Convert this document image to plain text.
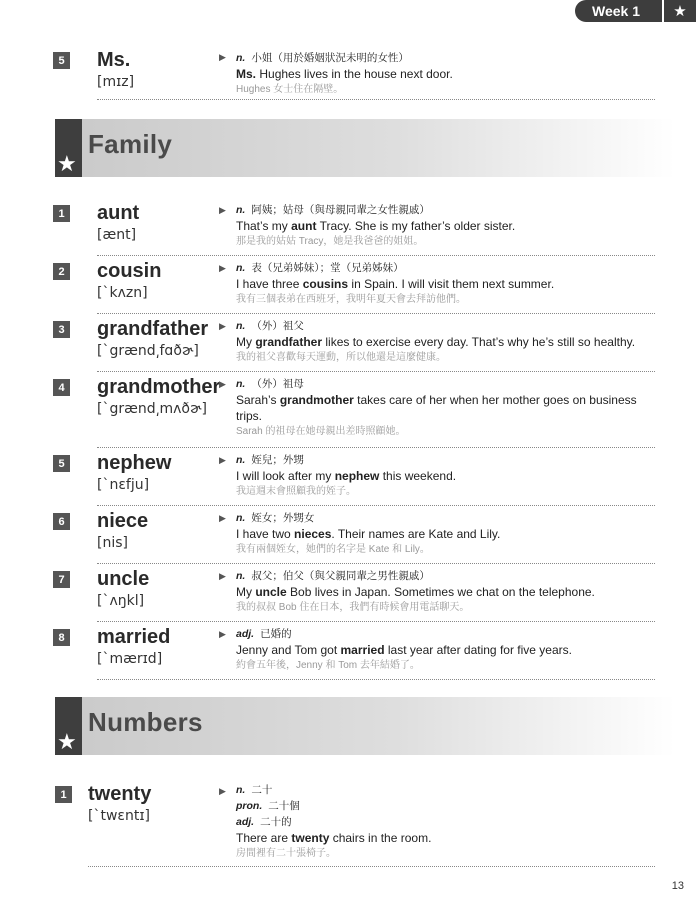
Week 1	★
5 Ms.
[mɪz]
▶ n. 小姐（用於婚姻狀況未明的女性）
Ms. Hughes lives in the house next door.
Hughes 女士住在隔壁。
★
Family
1 aunt
[ænt]
▶ n. 阿姨；姑母（與母親同輩之女性親戚）
That’s my aunt Tracy. She is my father’s older sister.
那是我的姑姑 Tracy，她是我爸爸的姐姐。
2 cousin
[ˋkʌzn]
▶ n. 表（兄弟姊妹）；堂（兄弟姊妹）
I have three cousins in Spain. I will visit them next summer.
我有三個表弟在西班牙，我明年夏天會去拜訪他們。
3 grandfather
[ˋgrænd͵fɑðɚ]
▶ n. （外）祖父
My grandfather likes to exercise every day. That’s why he’s still so healthy.
我的祖父喜歡每天運動，所以他還是這麼健康。
4 grandmother
[ˋgrænd͵mʌðɚ]
▶ n. （外）祖母
Sarah’s grandmother takes care of her when her mother goes on business trips.
Sarah 的祖母在她母親出差時照顧她。
5 nephew
[ˋnɛfju]
▶ n. 姪兒；外甥
I will look after my nephew this weekend.
我這週末會照顧我的姪子。
6 niece
[nis]
▶ n. 姪女；外甥女
I have two nieces. Their names are Kate and Lily.
我有兩個姪女，她們的名字是 Kate 和 Lily。
7 uncle
[ˋʌŋkl]
▶ n. 叔父；伯父（與父親同輩之男性親戚）
My uncle Bob lives in Japan. Sometimes we chat on the telephone.
我的叔叔 Bob 住在日本，我們有時候會用電話聊天。
8 married
[ˋmærɪd]
▶ adj. 已婚的
Jenny and Tom got married last year after dating for five years.
約會五年後，Jenny 和 Tom 去年結婚了。
★
Numbers
1 twenty
[ˋtwɛntɪ]
▶ n. 二十
pron. 二十個
adj. 二十的
There are twenty chairs in the room.
房間裡有二十張椅子。
13
